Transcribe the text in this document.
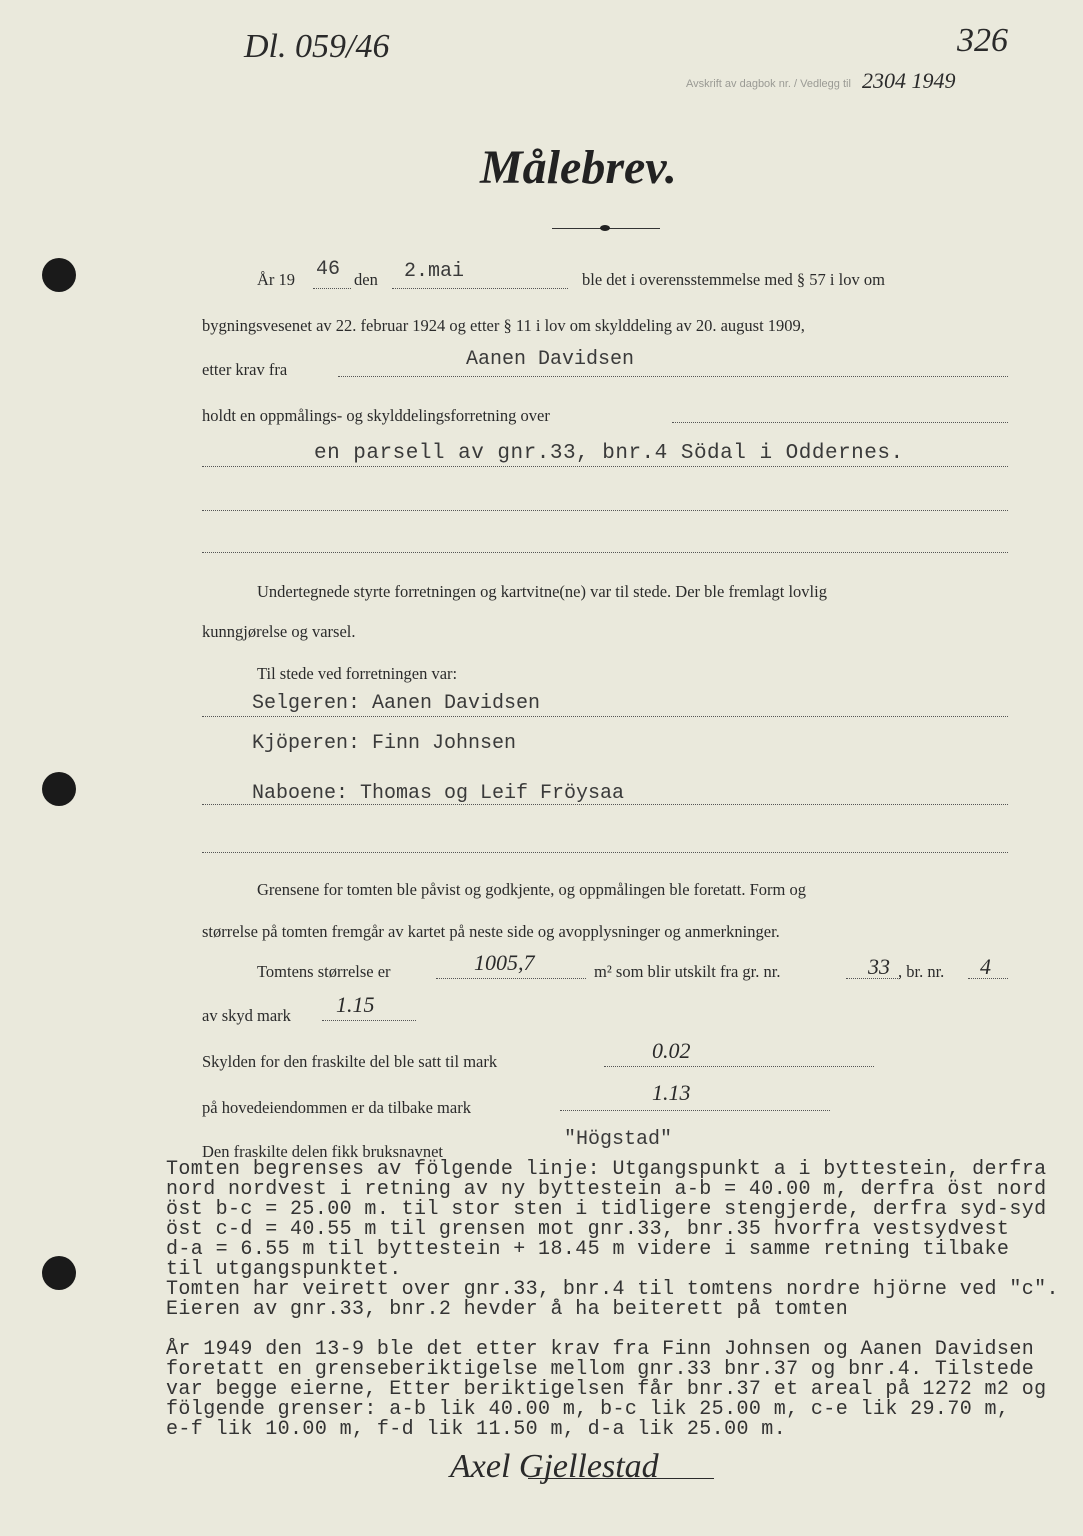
Dl. 059/46	326
Avskrift av dagbok nr. / Vedlegg til 2304 1949
Målebrev.
År 19 46 den 2.mai	ble det i overensstemmelse med § 57 i lov om
bygningsvesenet av 22. februar 1924 og etter § 11 i lov om skylddeling av 20. august 1909,
etter krav fra	Aanen Davidsen
holdt en oppmålings- og skylddelingsforretning over
en parsell av gnr.33, bnr.4 Södal i Oddernes.
Undertegnede styrte forretningen og kartvitne(ne) var til stede. Der ble fremlagt lovlig
kunngjørelse og varsel.
Til stede ved forretningen var:
Selgeren: Aanen Davidsen
Kjöperen: Finn Johnsen
Naboene: Thomas og Leif Fröysaa
Grensene for tomten ble påvist og godkjente, og oppmålingen ble foretatt. Form og
størrelse på tomten fremgår av kartet på neste side og avopplysninger og anmerkninger.
Tomtens størrelse er	1005,7	m² som blir utskilt fra gr. nr.	33 , br. nr. 4
av skyd mark 1.15
Skylden for den fraskilte del ble satt til mark	0.02
på hovedeiendommen er da tilbake mark
1.13
Den fraskilte delen fikk bruksnavnet
"Högstad"
Tomten begrenses av fölgende linje: Utgangspunkt a i byttestein, derfra
nord nordvest i retning av ny byttestein a-b = 40.00 m, derfra öst nord
öst b-c = 25.00 m. til stor sten i tidligere stengjerde, derfra syd-syd
öst c-d = 40.55 m til grensen mot gnr.33, bnr.35 hvorfra vestsydvest
d-a = 6.55 m til byttestein + 18.45 m videre i samme retning tilbake
til utgangspunktet.
Tomten har veirett over gnr.33, bnr.4 til tomtens nordre hjörne ved "c".
Eieren av gnr.33, bnr.2 hevder å ha beiterett på tomten
År 1949 den 13-9 ble det etter krav fra Finn Johnsen og Aanen Davidsen
foretatt en grenseberiktigelse mellom gnr.33 bnr.37 og bnr.4. Tilstede
var begge eierne, Etter beriktigelsen får bnr.37 et areal på 1272 m2 og
fölgende grenser: a-b lik 40.00 m, b-c lik 25.00 m, c-e lik 29.70 m,
e-f lik 10.00 m, f-d lik 11.50 m, d-a lik 25.00 m.
Axel Gjellestad
